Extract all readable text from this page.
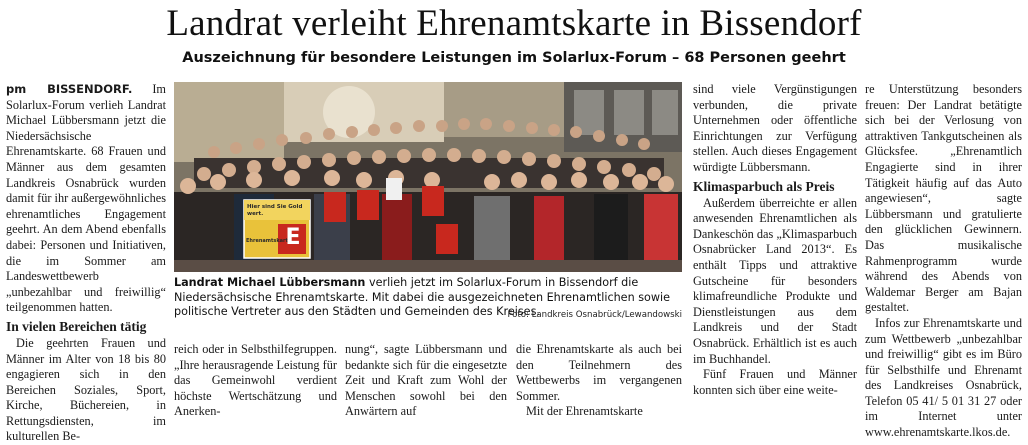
Landrat verleiht Ehrenamtskarte in Bissendorf
Auszeichnung für besondere Leistungen im Solarlux-Forum – 68 Personen geehrt

pm BISSENDORF. Im Solarlux-Forum verlieh Landrat Michael Lübbersmann jetzt die Niedersächsische Ehrenamtskarte. 68 Frauen und Männer aus dem gesamten Landkreis Osnabrück wurden damit für ihr außergewöhnliches ehrenamtliches Engagement geehrt. An dem Abend ebenfalls dabei: Personen und Initiativen, die im Sommer am Landeswettbewerb „unbezahlbar und freiwillig“ teilgenommen hatten.

In vielen Bereichen tätig

Die geehrten Frauen und Männer im Alter von 18 bis 80 engagieren sich in den Bereichen Soziales, Sport, Kirche, Büchereien, in Rettungsdiensten, im kulturellen Be-

Hier sind Sie Gold wert.
Ehrenamtskarte
E
Landrat Michael Lübbersmann verlieh jetzt im Solarlux-Forum in Bissendorf die Niedersächsische Ehrenamtskarte. Mit dabei die ausgezeichneten Ehrenamtlichen sowie politische Vertreter aus den Städten und Gemeinden des Kreises.
Foto: Landkreis Osnabrück/Lewandowski

reich oder in Selbsthilfegruppen. „Ihre herausragende Leistung für das Gemeinwohl verdient höchste Wertschätzung und Anerken-

nung“, sagte Lübbersmann und bedankte sich für die eingesetzte Zeit und Kraft zum Wohl der Menschen sowohl bei den Anwärtern auf

die Ehrenamtskarte als auch bei den Teilnehmern des Wettbewerbs im vergangenen Sommer.

Mit der Ehrenamtskarte

sind viele Vergünstigungen verbunden, die private Unternehmen oder öffentliche Einrichtungen zur Verfügung stellen. Auch dieses Engagement würdigte Lübbersmann.

Klimasparbuch als Preis

Außerdem überreichte er allen anwesenden Ehrenamtlichen als Dankeschön das „Klimasparbuch Osnabrücker Land 2013“. Es enthält Tipps und attraktive Gutscheine für besonders klimafreundliche Produkte und Dienstleistungen aus dem Landkreis und der Stadt Osnabrück. Erhältlich ist es auch im Buchhandel.

Fünf Frauen und Männer konnten sich über eine weite-

re Unterstützung besonders freuen: Der Landrat betätigte sich bei der Verlosung von attraktiven Tankgutscheinen als Glücksfee. „Ehrenamtlich Engagierte sind in ihrer Tätigkeit häufig auf das Auto angewiesen“, sagte Lübbersmann und gratulierte den glücklichen Gewinnern. Das musikalische Rahmenprogramm wurde während des Abends von Waldemar Berger am Bajan gestaltet.

Infos zur Ehrenamtskarte und zum Wettbewerb „unbezahlbar und freiwillig“ gibt es im Büro für Selbsthilfe und Ehrenamt des Landkreises Osnabrück, Telefon 05 41/ 5 01 31 27 oder im Internet unter www.ehrenamtskarte.lkos.de.
